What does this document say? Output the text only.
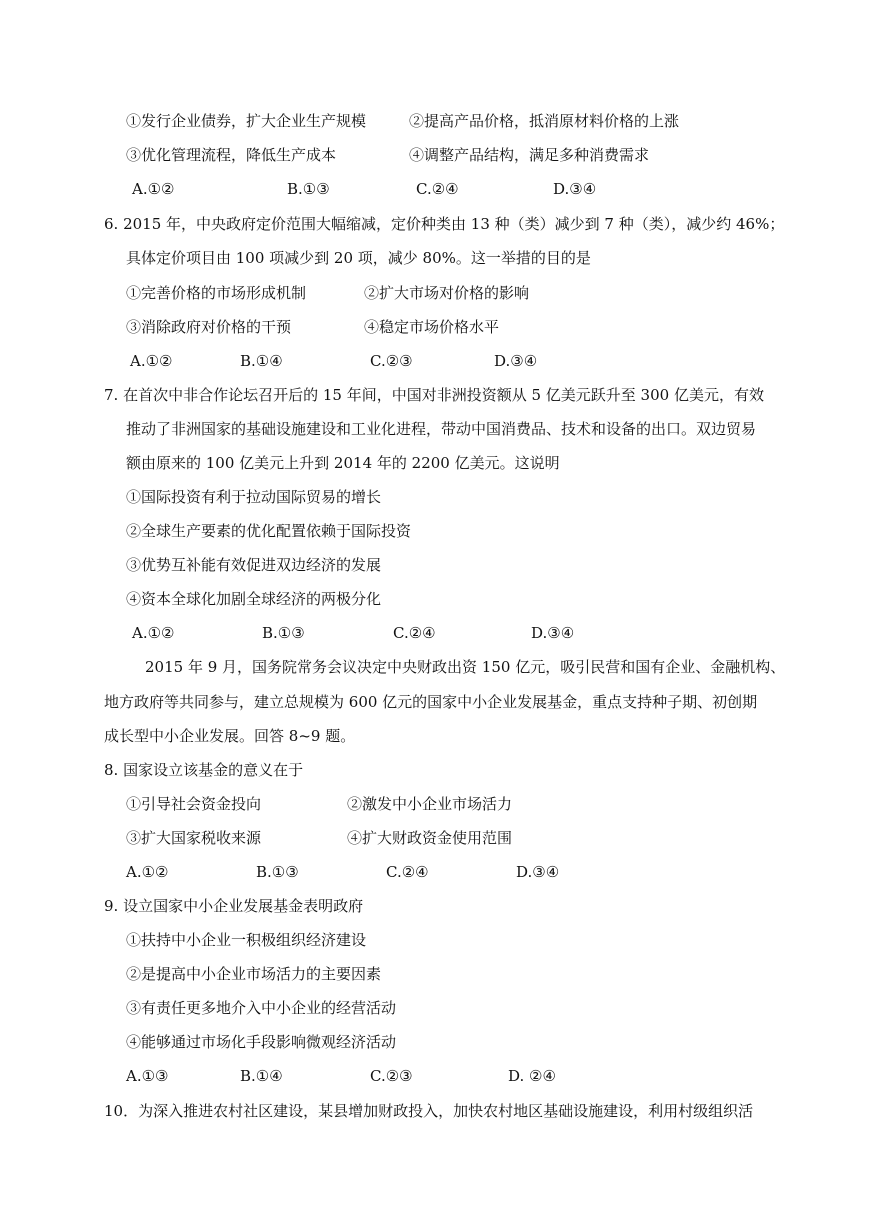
①发行企业债券，扩大企业生产规模	②提高产品价格，抵消原材料价格的上涨
③优化管理流程，降低生产成本	④调整产品结构，满足多种消费需求
A.①②	B.①③	C.②④	D.③④
6. 2015 年，中央政府定价范围大幅缩减，定价种类由 13 种（类）减少到 7 种（类），减少约 46%；
具体定价项目由 100 项减少到 20 项，减少 80%。这一举措的目的是
①完善价格的市场形成机制	②扩大市场对价格的影响
③消除政府对价格的干预	④稳定市场价格水平
A.①②	B.①④	C.②③	D.③④
7. 在首次中非合作论坛召开后的 15 年间，中国对非洲投资额从 5 亿美元跃升至 300 亿美元，有效
推动了非洲国家的基础设施建设和工业化进程，带动中国消费品、技术和设备的出口。双边贸易
额由原来的 100 亿美元上升到 2014 年的 2200 亿美元。这说明
①国际投资有利于拉动国际贸易的增长
②全球生产要素的优化配置依赖于国际投资
③优势互补能有效促进双边经济的发展
④资本全球化加剧全球经济的两极分化
A.①②	B.①③	C.②④	D.③④
2015 年 9 月，国务院常务会议决定中央财政出资 150 亿元，吸引民营和国有企业、金融机构、
地方政府等共同参与，建立总规模为 600 亿元的国家中小企业发展基金，重点支持种子期、初创期
成长型中小企业发展。回答 8~9 题。
8. 国家设立该基金的意义在于
①引导社会资金投向	②激发中小企业市场活力
③扩大国家税收来源	④扩大财政资金使用范围
A.①②	B.①③	C.②④	D.③④
9. 设立国家中小企业发展基金表明政府
①扶持中小企业一积极组织经济建设
②是提高中小企业市场活力的主要因素
③有责任更多地介入中小企业的经营活动
④能够通过市场化手段影响微观经济活动
A.①③	B.①④	C.②③	D. ②④
10．为深入推进农村社区建设，某县增加财政投入，加快农村地区基础设施建设，利用村级组织活
